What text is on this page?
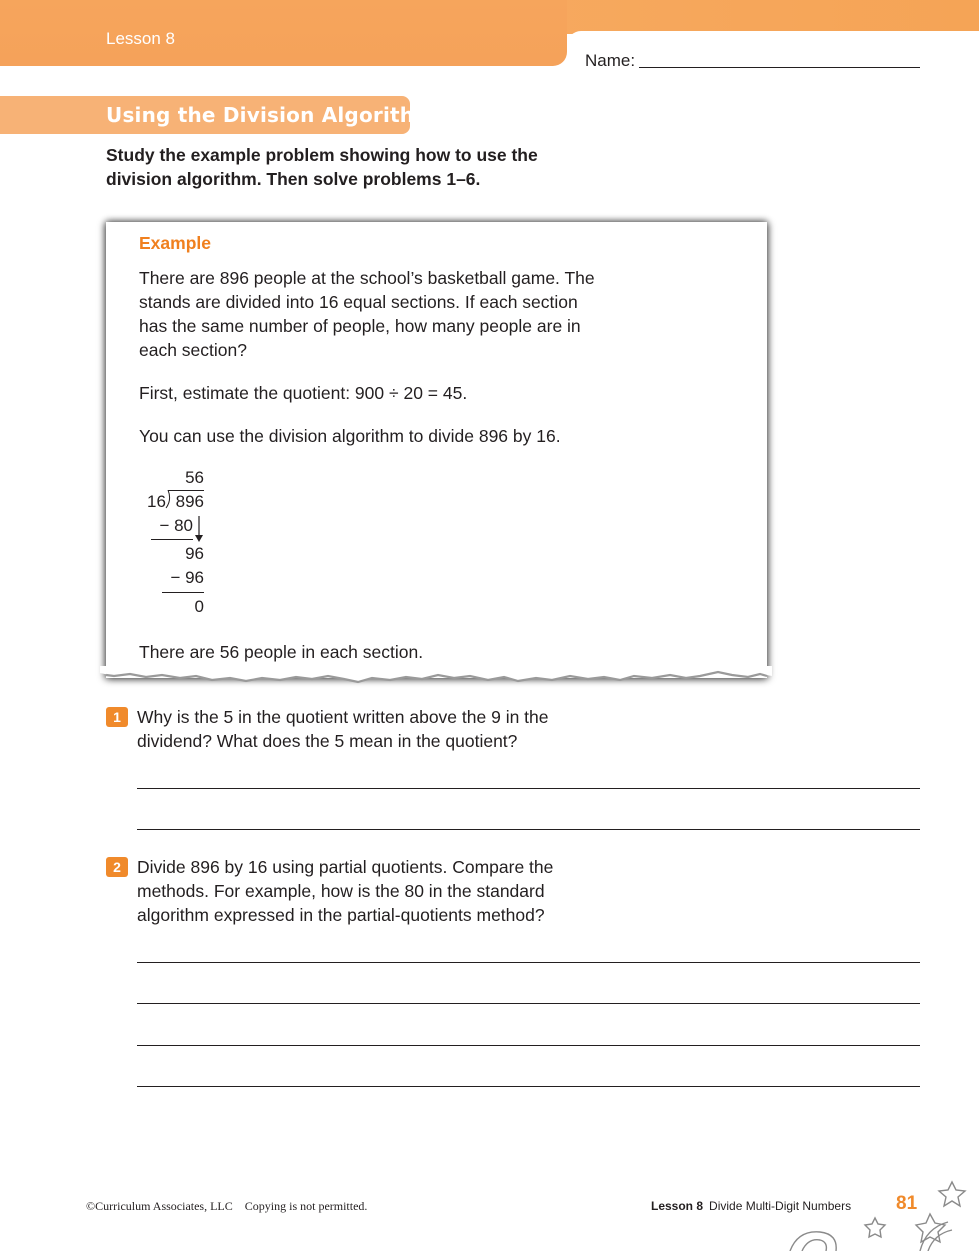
Lesson 8
Name:
Using the Division Algorithm
Study the example problem showing how to use the
division algorithm. Then solve problems 1–6.
Example
There are 896 people at the school’s basketball game. The
stands are divided into 16 equal sections. If each section
has the same number of people, how many people are in
each section?
First, estimate the quotient: 900 ÷ 20 = 45.
You can use the division algorithm to divide 896 by 16.
56
16 896
− 80
96
− 96
0
There are 56 people in each section.
1 Why is the 5 in the quotient written above the 9 in the
dividend? What does the 5 mean in the quotient?
2 Divide 896 by 16 using partial quotients. Compare the
methods. For example, how is the 80 in the standard
algorithm expressed in the partial-quotients method?
©Curriculum Associates, LLC Copying is not permitted.	Lesson 8 Divide Multi-Digit Numbers 81
